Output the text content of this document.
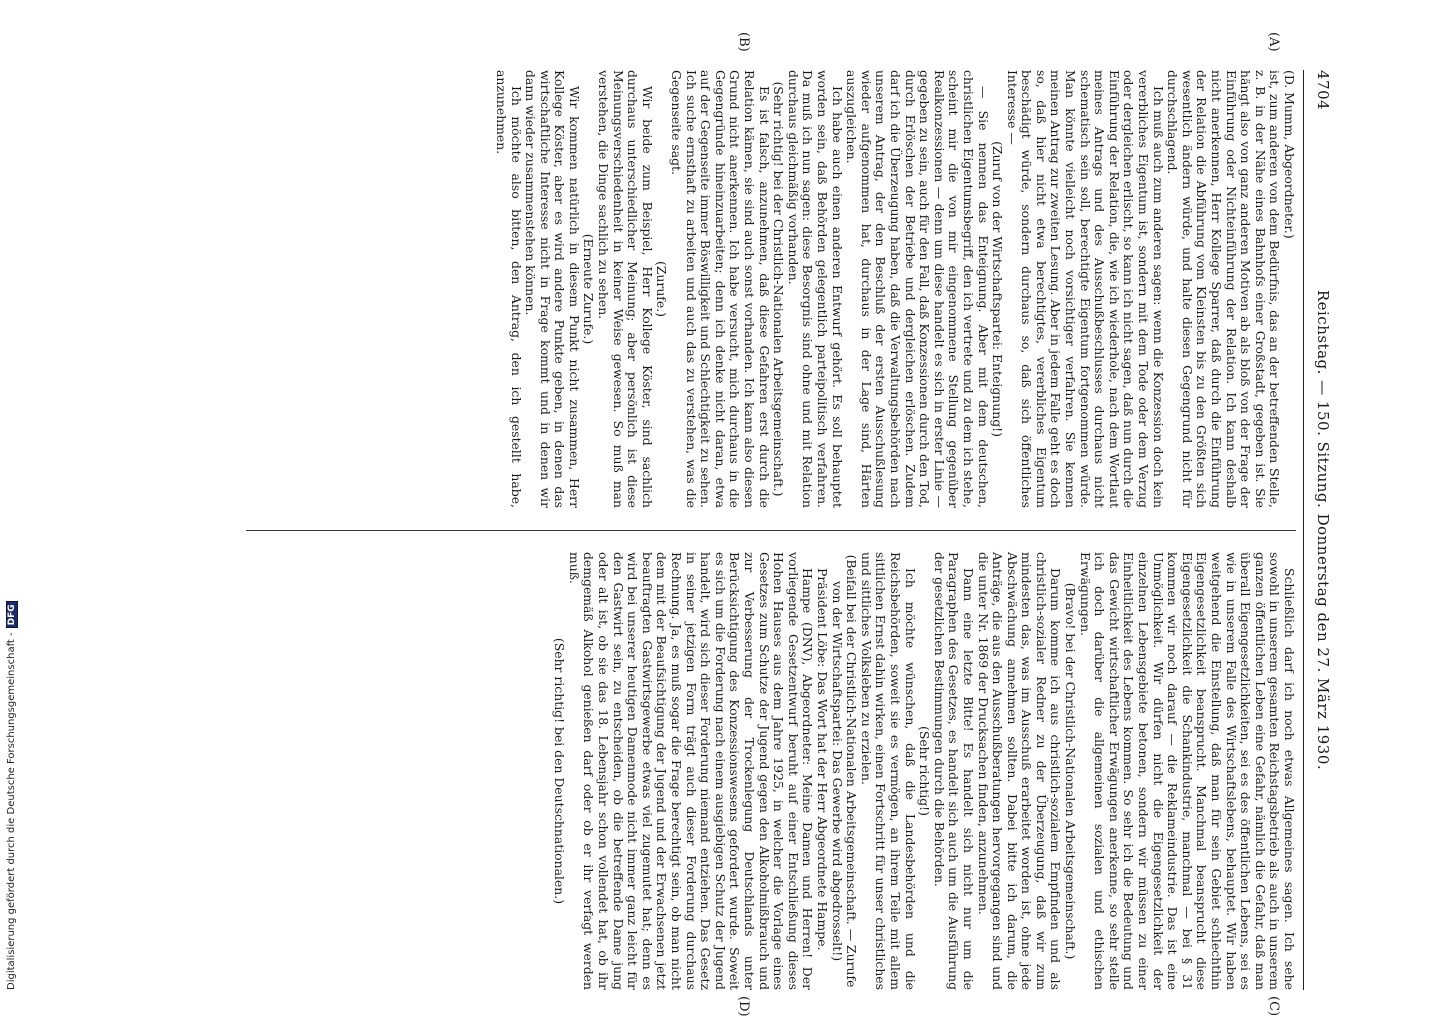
4704
Reichstag. — 150. Sitzung. Donnerstag den 27. März 1930.
(A)
(B)
(C)
(D)

(D. Mumm, Abgeordneter.)

ist, zum anderen von dem Bedürfnis, das an der betreffenden Stelle, z. B. in der Nähe eines Bahnhofs einer Großstadt, gegeben ist. Sie hängt also von ganz anderen Motiven ab als bloß von der Frage der Einführung oder Nichteinführung der Relation. Ich kann deshalb nicht anerkennen, Herr Kollege Sparrer, daß durch die Einführung der Relation die Abführung vom Kleinsten bis zu den Größten sich wesentlich ändern würde, und halte diesen Gegengrund nicht für durchschlagend.

Ich muß auch zum anderen sagen: wenn die Konzession doch kein vererbliches Eigentum ist, sondern mit dem Tode oder dem Verzug oder dergleichen erlischt, so kann ich nicht sagen, daß nun durch die Einführung der Relation, die, wie ich wiederhole, nach dem Wortlaut meines Antrags und des Ausschußbeschlusses durchaus nicht schematisch sein soll, berechtigte Eigentum fortgenommen würde. Man könnte vielleicht noch vorsichtiger verfahren. Sie kennen meinen Antrag zur zweiten Lesung. Aber in jedem Falle geht es doch so, daß hier nicht etwa berechtigtes, vererbliches Eigentum beschädigt würde, sondern durchaus so, daß sich öffentliches Interesse —

(Zuruf von der Wirtschaftspartei: Enteignung!)

— Sie nennen das Enteignung. Aber mit dem deutschen, christlichen Eigentumsbegriff, den ich vertrete und zu dem ich stehe, scheint mir die von mir eingenommene Stellung gegenüber Realkonzessionen — denn um diese handelt es sich in erster Linie — gegeben zu sein, auch für den Fall, daß Konzessionen durch den Tod, durch Erlöschen der Betriebe und dergleichen erlöschen. Zudem darf ich die Überzeugung haben, daß die Verwaltungsbehörden nach unserem Antrag, der den Beschluß der ersten Ausschußlesung wieder aufgenommen hat, durchaus in der Lage sind, Härten auszugleichen.

Ich habe auch einen anderen Entwurf gehört. Es soll behauptet worden sein, daß Behörden gelegentlich parteipolitisch verfahren. Da muß ich nun sagen: diese Besorgnis sind ohne und mit Relation durchaus gleichmäßig vorhanden.

(Sehr richtig! bei der Christlich-Nationalen Arbeitsgemeinschaft.)

Es ist falsch, anzunehmen, daß diese Gefahren erst durch die Relation kämen, sie sind auch sonst vorhanden. Ich kann also diesen Grund nicht anerkennen. Ich habe versucht, mich durchaus in die Gegengründe hineinzuarbeiten; denn ich denke nicht daran, etwa auf der Gegenseite immer Böswilligkeit und Schlechtigkeit zu sehen. Ich suche ernsthaft zu arbeiten und auch das zu verstehen, was die Gegenseite sagt.

(Zurufe.)

Wir beide zum Beispiel, Herr Kollege Köster, sind sachlich durchaus unterschiedlicher Meinung; aber persönlich ist diese Meinungsverschiedenheit in keiner Weise gewesen. So muß man verstehen, die Dinge sachlich zu sehen.

(Erneute Zurufe.)

Wir kommen natürlich in diesem Punkt nicht zusammen, Herr Kollege Köster, aber es wird andere Punkte geben, in denen das wirtschaftliche Interesse nicht in Frage kommt und in denen wir dann wieder zusammenstehen können.

Ich möchte also bitten, den Antrag, den ich gestellt habe, anzunehmen.

Schließlich darf ich noch etwas Allgemeines sagen. Ich sehe sowohl in unserem gesamten Reichstagsbetrieb als auch in unserem ganzen öffentlichen Leben eine Gefahr, nämlich die Gefahr, daß man überall Eigengesetzlichkeiten, sei es des öffentlichen Lebens, sei es wie in unserem Falle des Wirtschaftslebens, behauptet. Wir haben weitgehend die Einstellung, daß man für sein Gebiet schlechthin Eigengesetzlichkeit beansprucht. Manchmal beansprucht diese Eigengesetzlichkeit die Schankindustrie, manchmal — bei § 31 kommen wir noch darauf — die Reklameindustrie. Das ist eine Unmöglichkeit. Wir dürfen nicht die Eigengesetzlichkeit der einzelnen Lebensgebiete betonen, sondern wir müssen zu einer Einheitlichkeit des Lebens kommen. So sehr ich die Bedeutung und das Gewicht wirtschaftlicher Erwägungen anerkenne, so sehr stelle ich doch darüber die allgemeinen sozialen und ethischen Erwägungen.

(Bravo! bei der Christlich-Nationalen Arbeitsgemeinschaft.)

Darum komme ich aus christlich-sozialem Empfinden und als christlich-sozialer Redner zu der Überzeugung, daß wir zum mindesten das, was im Ausschuß erarbeitet worden ist, ohne jede Abschwächung annehmen sollten. Dabei bitte ich darum, die Anträge, die aus den Ausschußberatungen hervorgegangen sind und die unter Nr. 1869 der Drucksachen finden, anzunehmen.

Dann eine letzte Bitte! Es handelt sich nicht nur um die Paragraphen des Gesetzes, es handelt sich auch um die Ausführung der gesetzlichen Bestimmungen durch die Behörden.

(Sehr richtig!)

Ich möchte wünschen, daß die Landesbehörden und die Reichsbehörden, soweit sie es vermögen, an ihrem Teile mit allem sittlichen Ernst dahin wirken, einen Fortschritt für unser christliches und sittliches Volksleben zu erzielen.

(Beifall bei der Christlich-Nationalen Arbeitsgemeinschaft. — Zurufe von der Wirtschaftspartei: Das Gewerbe wird abgedrosselt!)

Präsident Löbe: Das Wort hat der Herr Abgeordnete Hampe.

Hampe (DNV), Abgeordneter: Meine Damen und Herren! Der vorliegende Gesetzentwurf beruht auf einer Entschließung dieses Hohen Hauses aus dem Jahre 1925, in welcher die Vorlage eines Gesetzes zum Schutze der Jugend gegen den Alkoholmißbrauch und zur Verbesserung der Trockenlegung Deutschlands unter Berücksichtigung des Konzessionswesens gefordert wurde. Soweit es sich um die Forderung nach einem ausgiebigen Schutz der Jugend handelt, wird sich dieser Forderung niemand entziehen. Das Gesetz in seiner jetzigen Form trägt auch dieser Forderung durchaus Rechnung. Ja, es muß sogar die Frage berechtigt sein, ob man nicht dem mit der Beaufsichtigung der Jugend und der Erwachsenen jetzt beauftragten Gastwirtsgewerbe etwas viel zugemutet hat; denn es wird bei unserer heutigen Damenmode nicht immer ganz leicht für den Gastwirt sein, zu entscheiden, ob die betreffende Dame jung oder alt ist, ob sie das 18. Lebensjahr schon vollendet hat, ob ihr demgemäß Alkohol genießen darf oder ob er ihr verfagt werden muß.

(Sehr richtig! bei den Deutschnationalen.)

Digitalisierung gefördert durch die Deutsche Forschungsgemeinschaft -DFG
